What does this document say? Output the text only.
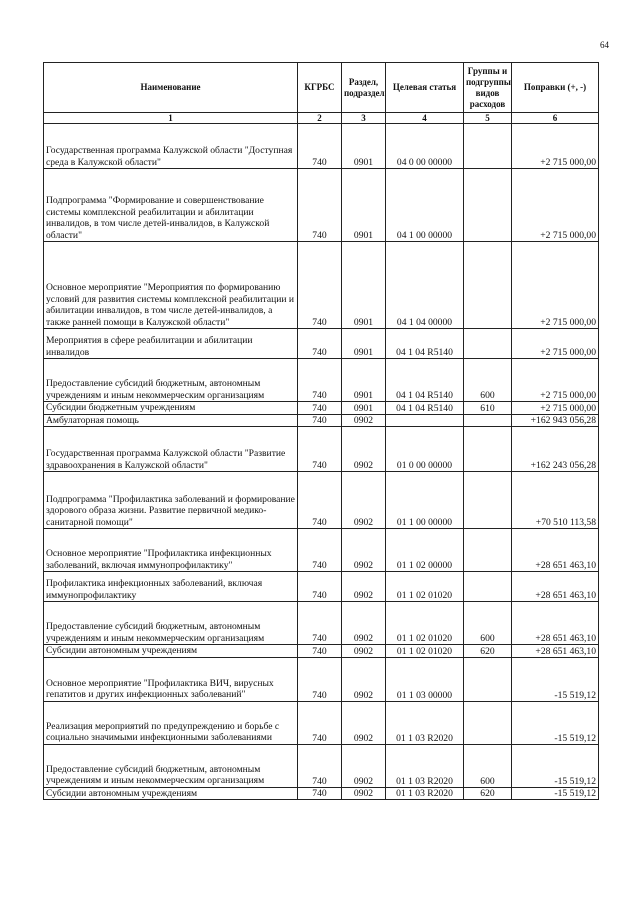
64
Наименование	КГРБС	Раздел, подраздел	Целевая статья	Группы и подгруппы видов расходов	Поправки (+, -)
1	2	3	4	5	6
Государственная программа Калужской области "Доступная среда в Калужской области"	740	0901	04 0 00 00000		+2 715 000,00
Подпрограмма "Формирование и совершенствование системы комплексной реабилитации и абилитации инвалидов, в том числе детей-инвалидов, в Калужской области"	740	0901	04 1 00 00000		+2 715 000,00
Основное мероприятие "Мероприятия по формированию условий для развития системы комплексной реабилитации и абилитации инвалидов, в том числе детей-инвалидов, а также ранней помощи в Калужской области"	740	0901	04 1 04 00000		+2 715 000,00
Мероприятия в сфере реабилитации и абилитации инвалидов	740	0901	04 1 04 R5140		+2 715 000,00
Предоставление субсидий бюджетным, автономным учреждениям и иным некоммерческим организациям	740	0901	04 1 04 R5140	600	+2 715 000,00
Субсидии бюджетным учреждениям	740	0901	04 1 04 R5140	610	+2 715 000,00
Амбулаторная помощь	740	0902			+162 943 056,28
Государственная программа Калужской области "Развитие здравоохранения в Калужской области"	740	0902	01 0 00 00000		+162 243 056,28
Подпрограмма "Профилактика заболеваний и формирование здорового образа жизни. Развитие первичной медико-санитарной помощи"	740	0902	01 1 00 00000		+70 510 113,58
Основное мероприятие "Профилактика инфекционных заболеваний, включая иммунопрофилактику"	740	0902	01 1 02 00000		+28 651 463,10
Профилактика инфекционных заболеваний, включая иммунопрофилактику	740	0902	01 1 02 01020		+28 651 463,10
Предоставление субсидий бюджетным, автономным учреждениям и иным некоммерческим организациям	740	0902	01 1 02 01020	600	+28 651 463,10
Субсидии автономным учреждениям	740	0902	01 1 02 01020	620	+28 651 463,10
Основное мероприятие "Профилактика ВИЧ, вирусных гепатитов и других инфекционных заболеваний"	740	0902	01 1 03 00000		-15 519,12
Реализация мероприятий по предупреждению и борьбе с социально значимыми инфекционными заболеваниями	740	0902	01 1 03 R2020		-15 519,12
Предоставление субсидий бюджетным, автономным учреждениям и иным некоммерческим организациям	740	0902	01 1 03 R2020	600	-15 519,12
Субсидии автономным учреждениям	740	0902	01 1 03 R2020	620	-15 519,12
